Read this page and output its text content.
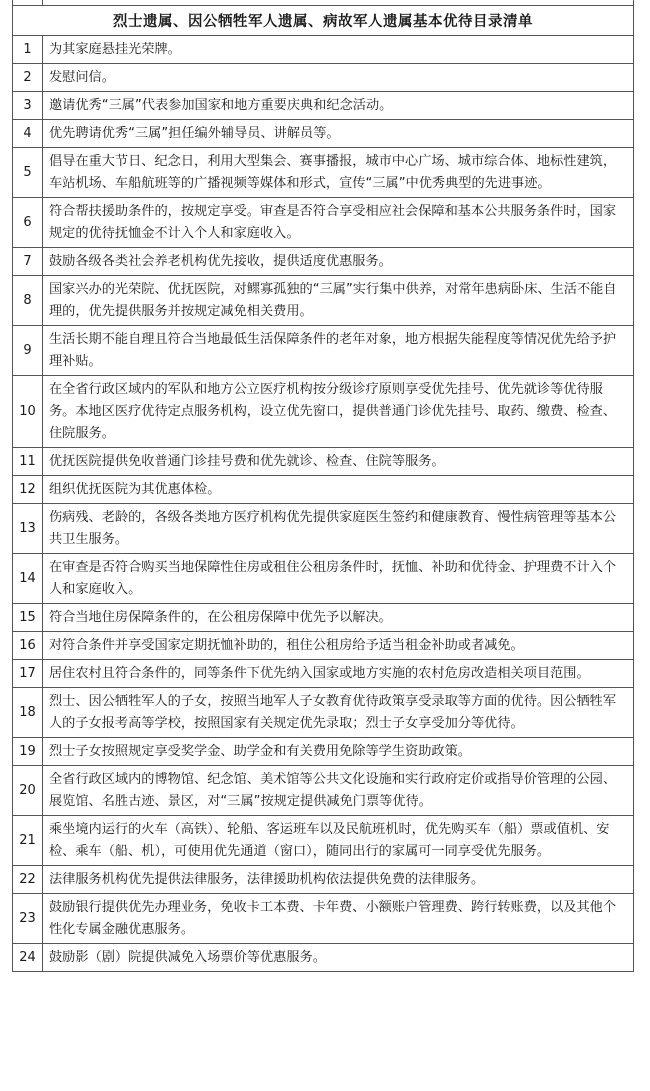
烈士遗属、因公牺牲军人遗属、病故军人遗属基本优待目录清单	
1	为其家庭悬挂光荣牌。
2	发慰问信。
3	邀请优秀“三属”代表参加国家和地方重要庆典和纪念活动。
4	优先聘请优秀“三属”担任编外辅导员、讲解员等。
5	倡导在重大节日、纪念日，利用大型集会、赛事播报，城市中心广场、城市综合体、地标性建筑，车站机场、车船航班等的广播视频等媒体和形式，宣传“三属”中优秀典型的先进事迹。
6	符合帮扶援助条件的，按规定享受。审查是否符合享受相应社会保障和基本公共服务条件时，国家规定的优待抚恤金不计入个人和家庭收入。
7	鼓励各级各类社会养老机构优先接收，提供适度优惠服务。
8	国家兴办的光荣院、优抚医院，对鳏寡孤独的“三属”实行集中供养，对常年患病卧床、生活不能自理的，优先提供服务并按规定减免相关费用。
9	生活长期不能自理且符合当地最低生活保障条件的老年对象，地方根据失能程度等情况优先给予护理补贴。
10	在全省行政区域内的军队和地方公立医疗机构按分级诊疗原则享受优先挂号、优先就诊等优待服务。本地区医疗优待定点服务机构，设立优先窗口，提供普通门诊优先挂号、取药、缴费、检查、住院服务。
11	优抚医院提供免收普通门诊挂号费和优先就诊、检查、住院等服务。
12	组织优抚医院为其优惠体检。
13	伤病残、老龄的，各级各类地方医疗机构优先提供家庭医生签约和健康教育、慢性病管理等基本公共卫生服务。
14	在审查是否符合购买当地保障性住房或租住公租房条件时，抚恤、补助和优待金、护理费不计入个人和家庭收入。
15	符合当地住房保障条件的，在公租房保障中优先予以解决。
16	对符合条件并享受国家定期抚恤补助的，租住公租房给予适当租金补助或者减免。
17	居住农村且符合条件的，同等条件下优先纳入国家或地方实施的农村危房改造相关项目范围。
18	烈士、因公牺牲军人的子女，按照当地军人子女教育优待政策享受录取等方面的优待。因公牺牲军人的子女报考高等学校，按照国家有关规定优先录取；烈士子女享受加分等优待。
19	烈士子女按照规定享受奖学金、助学金和有关费用免除等学生资助政策。
20	全省行政区域内的博物馆、纪念馆、美术馆等公共文化设施和实行政府定价或指导价管理的公园、展览馆、名胜古迹、景区，对“三属”按规定提供减免门票等优待。
21	乘坐境内运行的火车（高铁）、轮船、客运班车以及民航班机时，优先购买车（船）票或值机、安检、乘车（船、机），可使用优先通道（窗口），随同出行的家属可一同享受优先服务。
22	法律服务机构优先提供法律服务，法律援助机构依法提供免费的法律服务。
23	鼓励银行提供优先办理业务，免收卡工本费、卡年费、小额账户管理费、跨行转账费，以及其他个性化专属金融优惠服务。
24	鼓励影（剧）院提供减免入场票价等优惠服务。
